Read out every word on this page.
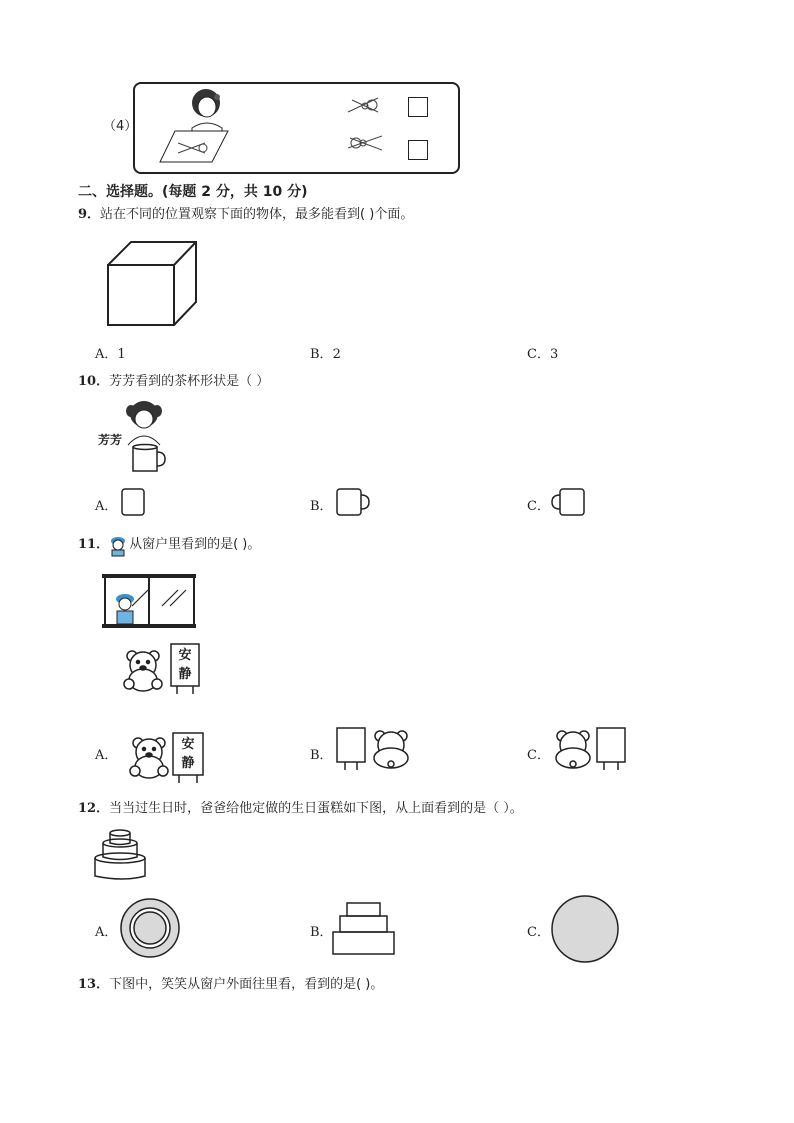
（4）
二、选择题。(每题 2 分，共 10 分)
9．站在不同的位置观察下面的物体，最多能看到( )个面。
A．1	B．2	C．3
10．芳芳看到的茶杯形状是（ ）
芳芳
A．	B．	C．
11． 从窗户里看到的是( )。
安静
安静
A．	B．	C．
12．当当过生日时，爸爸给他定做的生日蛋糕如下图，从上面看到的是（ ）。
A．	B．	C．
13．下图中，笑笑从窗户外面往里看，看到的是( )。
